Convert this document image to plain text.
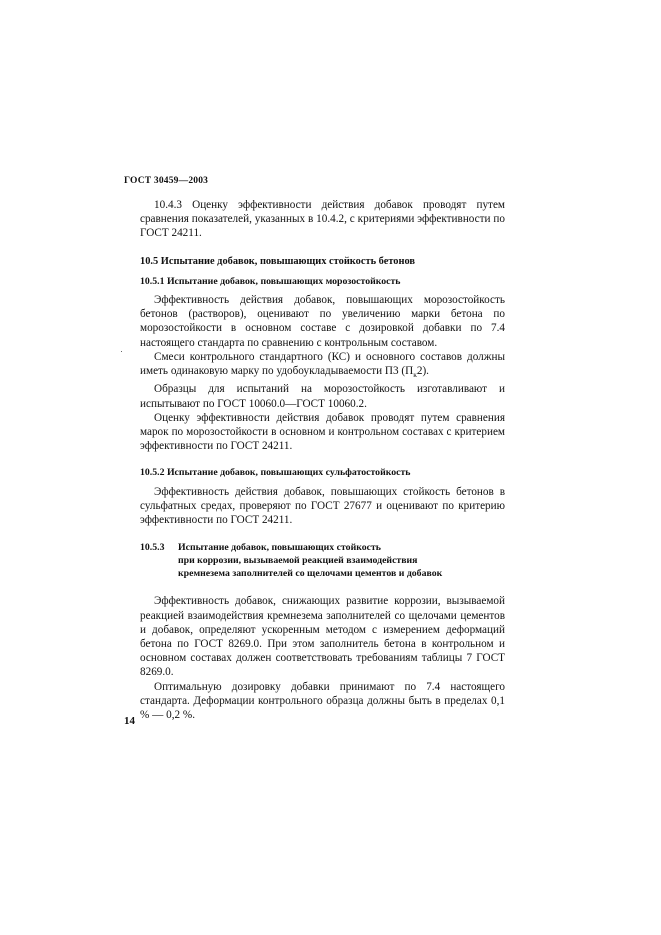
ГОСТ 30459—2003

10.4.3 Оценку эффективности действия добавок проводят путем сравнения показателей, указанных в 10.4.2, с критериями эффективности по ГОСТ 24211.

10.5 Испытание добавок, повышающих стойкость бетонов
10.5.1 Испытание добавок, повышающих морозостойкость

Эффективность действия добавок, повышающих морозостойкость бетонов (растворов), оценивают по увеличению марки бетона по морозостойкости в основном составе с дозировкой добавки по 7.4 настоящего стандарта по сравнению с контрольным составом.

Смеси контрольного стандартного (КС) и основного составов должны иметь одинаковую марку по удобоукладываемости П3 $(П_к2)$.

Образцы для испытаний на морозостойкость изготавливают и испытывают по ГОСТ 10060.0—ГОСТ 10060.2.

Оценку эффективности действия добавок проводят путем сравнения марок по морозостойкости в основном и контрольном составах с критерием эффективности по ГОСТ 24211.

10.5.2 Испытание добавок, повышающих сульфатостойкость

Эффективность действия добавок, повышающих стойкость бетонов в сульфатных средах, проверяют по ГОСТ 27677 и оценивают по критерию эффективности по ГОСТ 24211.

10.5.3 Испытание добавок, повышающих стойкость
при коррозии, вызываемой реакцией взаимодействия
кремнезема заполнителей со щелочами цементов и добавок

Эффективность добавок, снижающих развитие коррозии, вызываемой реакцией взаимодействия кремнезема заполнителей со щелочами цементов и добавок, определяют ускоренным методом с измерением деформаций бетона по ГОСТ 8269.0. При этом заполнитель бетона в контрольном и основном составах должен соответствовать требованиям таблицы 7 ГОСТ 8269.0.

Оптимальную дозировку добавки принимают по 7.4 настоящего стандарта. Деформации контрольного образца должны быть в пределах 0,1 % — 0,2 %.

14
